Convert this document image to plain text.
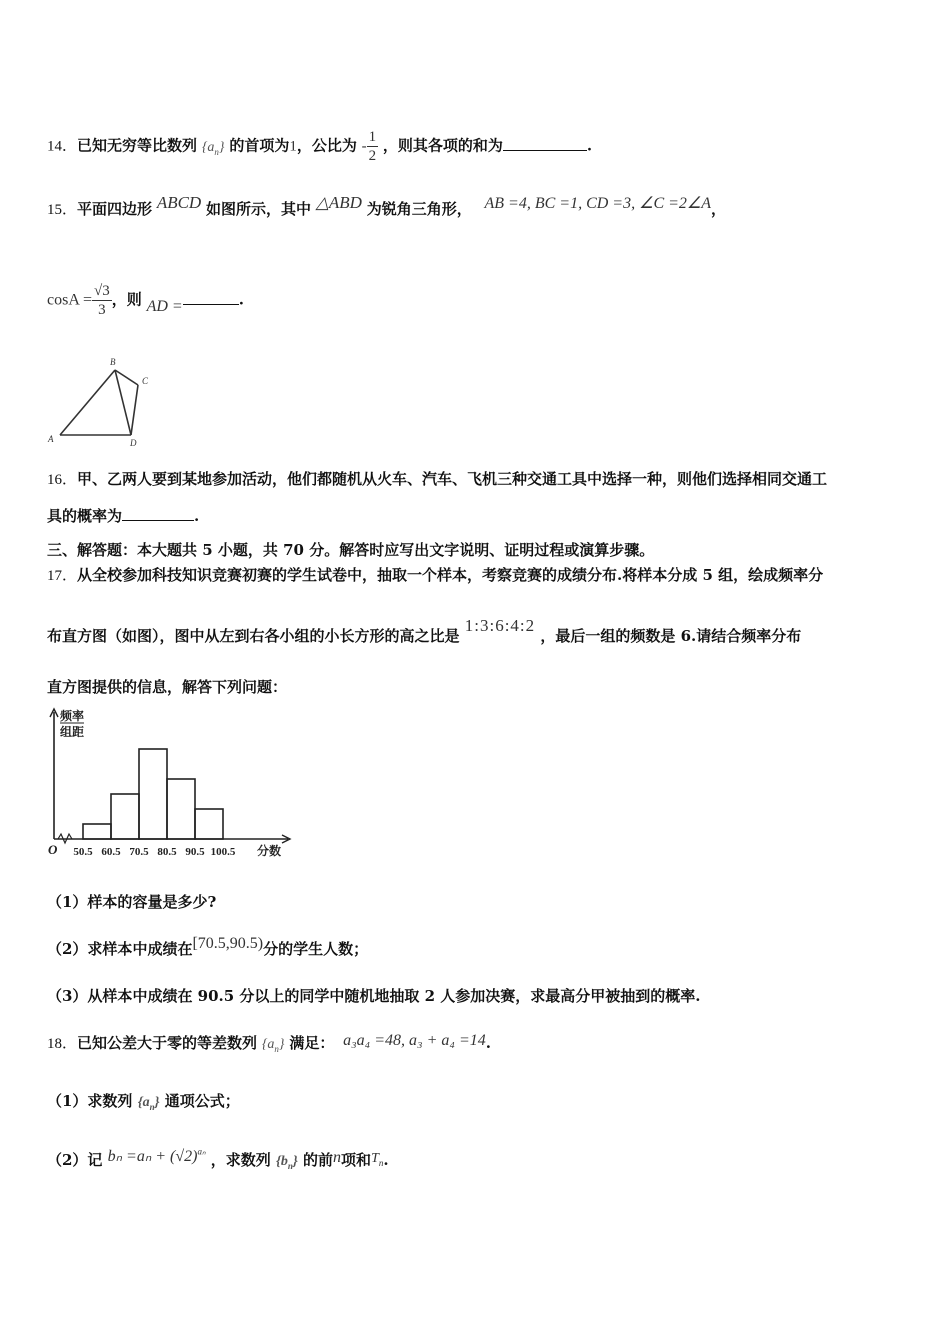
14．已知无穷等比数列 $\{a_n\}$ 的首项为1，公比为 - $\frac{1}{2}$ ，则其各项的和为	.
15．平面四边形 ABCD 如图所示，其中 △ABD 为锐角三角形， AB =4, BC =1, CD =3, ∠C =2∠A，
$\cos A = \frac{√3}{3}$ ，则 AD =	.
A
B
C
D
16．甲、乙两人要到某地参加活动，他们都随机从火车、汽车、飞机三种交通工具中选择一种，则他们选择相同交通工
具的概率为	.
三、解答题：本大题共 5 小题，共 70 分。解答时应写出文字说明、证明过程或演算步骤。
17．从全校参加科技知识竞赛初赛的学生试卷中，抽取一个样本，考察竞赛的成绩分布.将样本分成 5 组，绘成频率分
布直方图（如图），图中从左到右各小组的小长方形的高之比是 1:3:6:4:2 ，最后一组的频数是 6.请结合频率分布
直方图提供的信息，解答下列问题：
频率
组距
O 50.5 60.5 70.5 80.5 90.5 100.5 分数
（1）样本的容量是多少?
（2）求样本中成绩在[70.5,90.5)分的学生人数；
（3）从样本中成绩在 90.5 分以上的同学中随机地抽取 2 人参加决赛，求最高分甲被抽到的概率.
18．已知公差大于零的等差数列 $\{a_n\}$ 满足： a₃a₄ =48, a₃ + a₄ =14.
（1）求数列 $\{a_n\}$ 通项公式；
（2）记 $b_n =a_n + (√2)^{a_n}$ ，求数列 $\{b_n\}$ 的前n项和$T_n$.
